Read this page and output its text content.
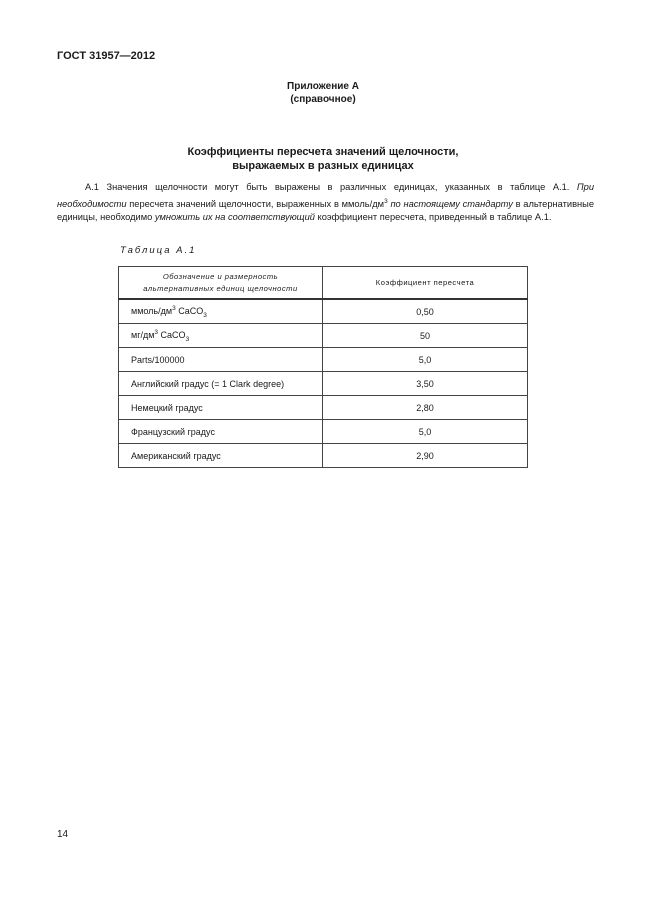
ГОСТ 31957—2012
Приложение А
(справочное)
Коэффициенты пересчета значений щелочности,
выражаемых в разных единицах
А.1 Значения щелочности могут быть выражены в различных единицах, указанных в таблице А.1. При необходимости пересчета значений щелочности, выраженных в ммоль/$дм^3$ по настоящему стандарту в альтернативные единицы, необходимо умножить их на соответствующий коэффициент пересчета, приведенный в таблице А.1.
Таблица А.1
Обозначение и размерность
альтернативных единиц щелочности	Коэффициент пересчета
ммоль/$дм^3$ CaCO$_3$	0,50
$мг/дм^3$ CaCO$_3$	50
Parts/100000	5,0
Английский градус (= 1 Clark degree)	3,50
Немецкий градус	2,80
Французский градус	5,0
Американский градус	2,90
14
